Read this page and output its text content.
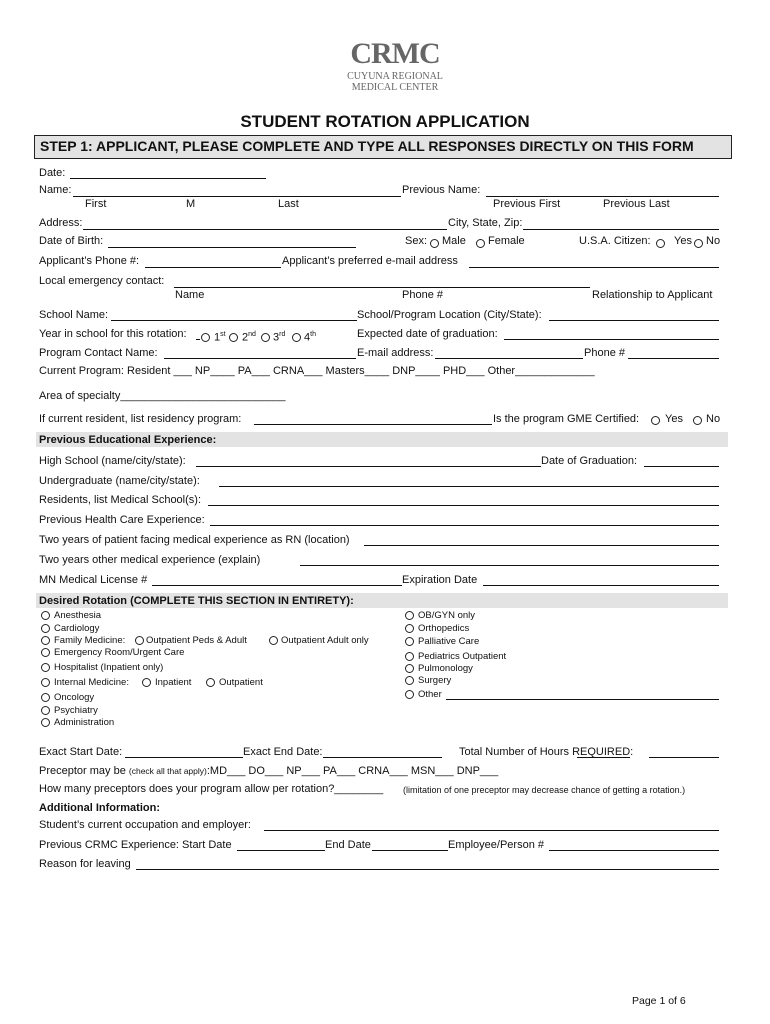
CRMC
CUYUNA REGIONAL
MEDICAL CENTER
STUDENT ROTATION APPLICATION
STEP 1: APPLICANT, PLEASE COMPLETE AND TYPE ALL RESPONSES DIRECTLY ON THIS FORM
Date:
Name:	Previous Name:
First	M	Last	Previous First	Previous Last
Address:	City, State, Zip:
Date of Birth:	Sex: Male Female	U.S.A. Citizen: Yes No
Applicant’s Phone #:	Applicant’s preferred e-mail address
Local emergency contact:
Name	Phone #	Relationship to Applicant
School Name:	School/Program Location (City/State):
Year in school for this rotation: 1st 2nd 3rd 4th	Expected date of graduation:
Program Contact Name:	E-mail address:	Phone #
Current Program: Resident ___ NP____ PA___ CRNA___ Masters____ DNP____ PHD___ Other_____________
Area of specialty___________________________
If current resident, list residency program:	Is the program GME Certified: Yes No
Previous Educational Experience:
High School (name/city/state):	Date of Graduation:
Undergraduate (name/city/state):
Residents, list Medical School(s):
Previous Health Care Experience:
Two years of patient facing medical experience as RN (location)
Two years other medical experience (explain)
MN Medical License #	Expiration Date
Desired Rotation (COMPLETE THIS SECTION IN ENTIRETY):
Anesthesia
Cardiology
Family Medicine:
Emergency Room/Urgent Care
Hospitalist (Inpatient only)
Internal Medicine:
Oncology
Psychiatry
Administration
OB/GYN only
Orthopedics
Palliative Care
Pediatrics Outpatient
Pulmonology
Surgery
Other
Outpatient Peds & Adult	Outpatient Adult only
Inpatient	Outpatient
Exact Start Date:	Exact End Date:	Total Number of Hours REQUIRED:
Preceptor may be (check all that apply):MD___ DO___ NP___ PA___ CRNA___ MSN___ DNP___
How many preceptors does your program allow per rotation?________ (limitation of one preceptor may decrease chance of getting a rotation.)
Additional Information:
Student’s current occupation and employer:
Previous CRMC Experience: Start Date	End Date	Employee/Person #
Reason for leaving
Page 1 of 6
